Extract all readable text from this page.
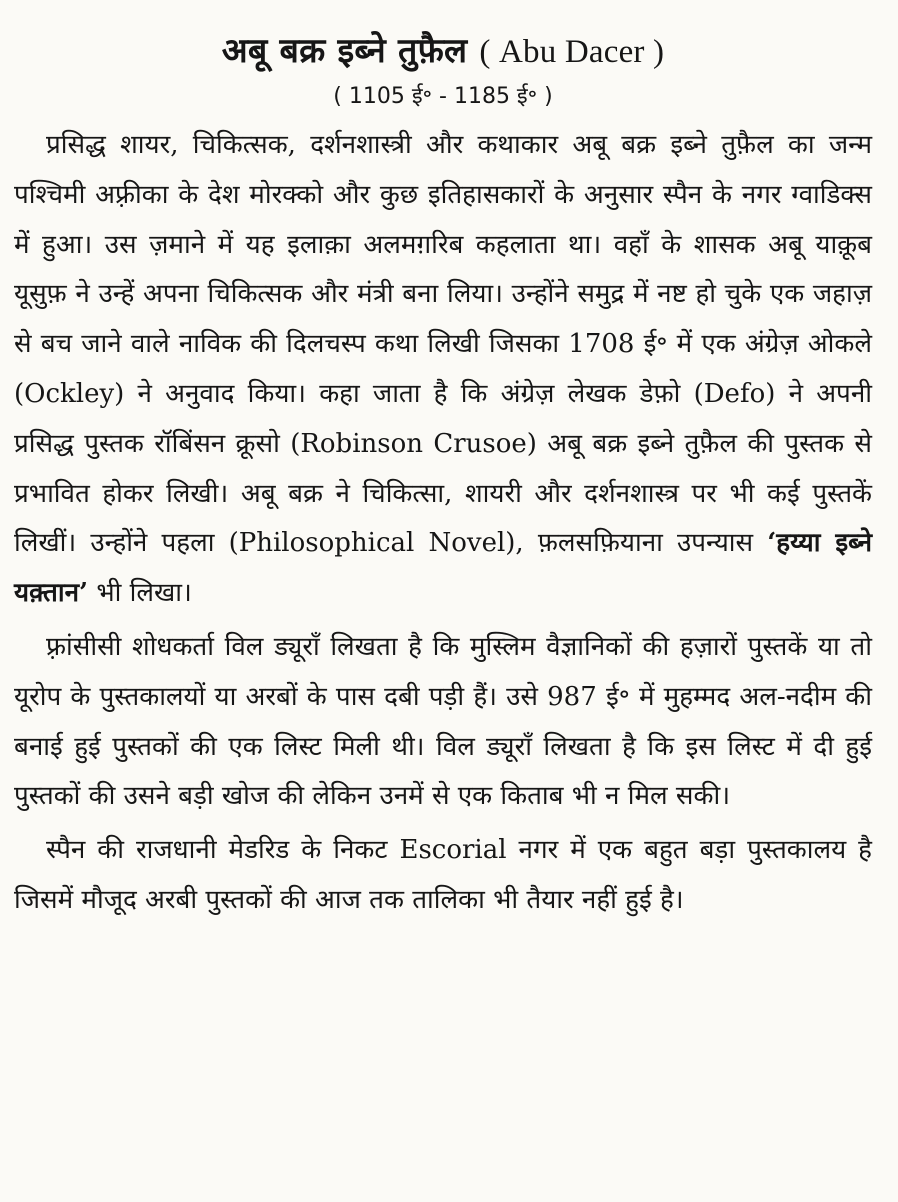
अबू बक्र इब्ने तुफ़ैल ( Abu Dacer )
( 1105 ई॰ - 1185 ई॰ )

प्रसिद्ध शायर, चिकित्सक, दर्शनशास्त्री और कथाकार अबू बक्र इब्ने तुफ़ैल का जन्म पश्चिमी अफ़्रीका के देश मोरक्को और कुछ इतिहासकारों के अनुसार स्पैन के नगर ग्वाडिक्स में हुआ। उस ज़माने में यह इलाक़ा अलमग़रिब कहलाता था। वहाँ के शासक अबू याक़ूब यूसुफ़ ने उन्हें अपना चिकित्सक और मंत्री बना लिया। उन्होंने समुद्र में नष्ट हो चुके एक जहाज़ से बच जाने वाले नाविक की दिलचस्प कथा लिखी जिसका 1708 ई॰ में एक अंग्रेज़ ओकले (Ockley) ने अनुवाद किया। कहा जाता है कि अंग्रेज़ लेखक डेफ़ो (Defo) ने अपनी प्रसिद्ध पुस्तक रॉबिंसन क्रूसो (Robinson Crusoe) अबू बक्र इब्ने तुफ़ैल की पुस्तक से प्रभावित होकर लिखी। अबू बक्र ने चिकित्सा, शायरी और दर्शनशास्त्र पर भी कई पुस्तकें लिखीं। उन्होंने पहला (Philosophical Novel), फ़लसफ़ियाना उपन्यास ‘हय्या इब्ने यक़्तान’ भी लिखा।

फ़्रांसीसी शोधकर्ता विल ड्यूराँ लिखता है कि मुस्लिम वैज्ञानिकों की हज़ारों पुस्तकें या तो यूरोप के पुस्तकालयों या अरबों के पास दबी पड़ी हैं। उसे 987 ई॰ में मुहम्मद अल-नदीम की बनाई हुई पुस्तकों की एक लिस्ट मिली थी। विल ड्यूराँ लिखता है कि इस लिस्ट में दी हुई पुस्तकों की उसने बड़ी खोज की लेकिन उनमें से एक किताब भी न मिल सकी।

स्पैन की राजधानी मेडरिड के निकट Escorial नगर में एक बहुत बड़ा पुस्तकालय है जिसमें मौजूद अरबी पुस्तकों की आज तक तालिका भी तैयार नहीं हुई है।
